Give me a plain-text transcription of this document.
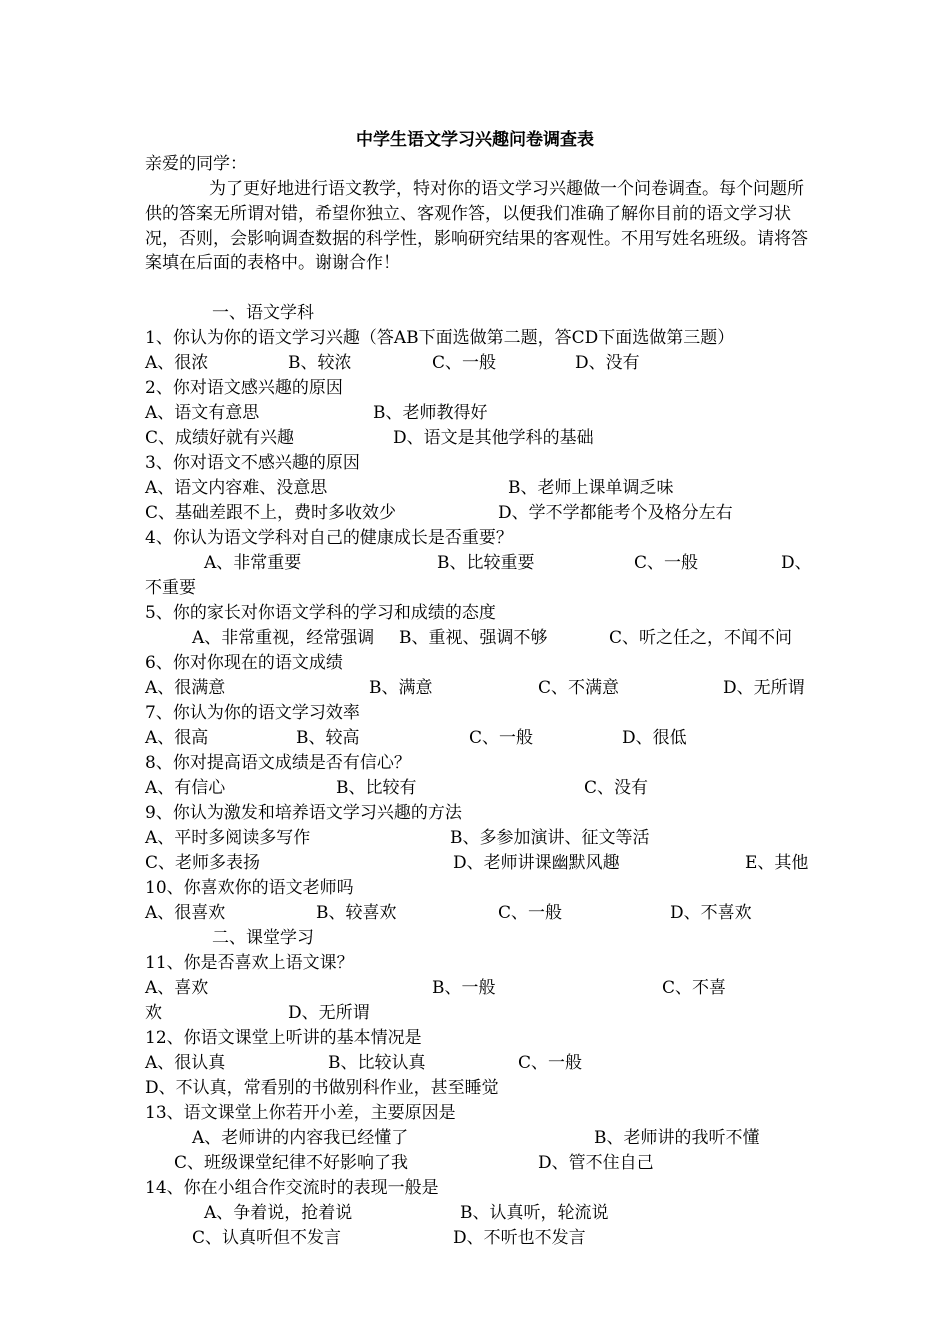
中学生语文学习兴趣问卷调查表
亲爱的同学：
为了更好地进行语文教学，特对你的语文学习兴趣做一个问卷调查。每个问题所供的答案无所谓对错，希望你独立、客观作答，以便我们准确了解你目前的语文学习状况，否则，会影响调查数据的科学性，影响研究结果的客观性。不用写姓名班级。请将答案填在后面的表格中。谢谢合作！
一、语文学科
1、你认为你的语文学习兴趣（答AB下面选做第二题，答CD下面选做第三题）
A、很浓	B、较浓	C、一般	D、没有
2、你对语文感兴趣的原因
A、语文有意思	B、老师教得好
C、成绩好就有兴趣	D、语文是其他学科的基础
3、你对语文不感兴趣的原因
A、语文内容难、没意思	B、老师上课单调乏味
C、基础差跟不上，费时多收效少	D、学不学都能考个及格分左右
4、你认为语文学科对自己的健康成长是否重要？
A、非常重要	B、比较重要	C、一般	D、
不重要
5、你的家长对你语文学科的学习和成绩的态度
A、非常重视，经常强调 B、重视、强调不够	C、听之任之，不闻不问
6、你对你现在的语文成绩
A、很满意	B、满意	C、不满意	D、无所谓
7、你认为你的语文学习效率
A、很高	B、较高	C、一般	D、很低
8、你对提高语文成绩是否有信心？
A、有信心	B、比较有	C、没有
9、你认为激发和培养语文学习兴趣的方法
A、平时多阅读多写作	B、多参加演讲、征文等活
C、老师多表扬	D、老师讲课幽默风趣	E、其他
10、你喜欢你的语文老师吗
A、很喜欢	B、较喜欢	C、一般	D、不喜欢
二、课堂学习
11、你是否喜欢上语文课？
A、喜欢	B、一般	C、不喜
欢	D、无所谓
12、你语文课堂上听讲的基本情况是
A、很认真	B、比较认真	C、一般
D、不认真，常看别的书做别科作业，甚至睡觉
13、语文课堂上你若开小差，主要原因是
A、老师讲的内容我已经懂了	B、老师讲的我听不懂
C、班级课堂纪律不好影响了我	D、管不住自己
14、你在小组合作交流时的表现一般是
A、争着说，抢着说	B、认真听，轮流说
C、认真听但不发言	D、不听也不发言
